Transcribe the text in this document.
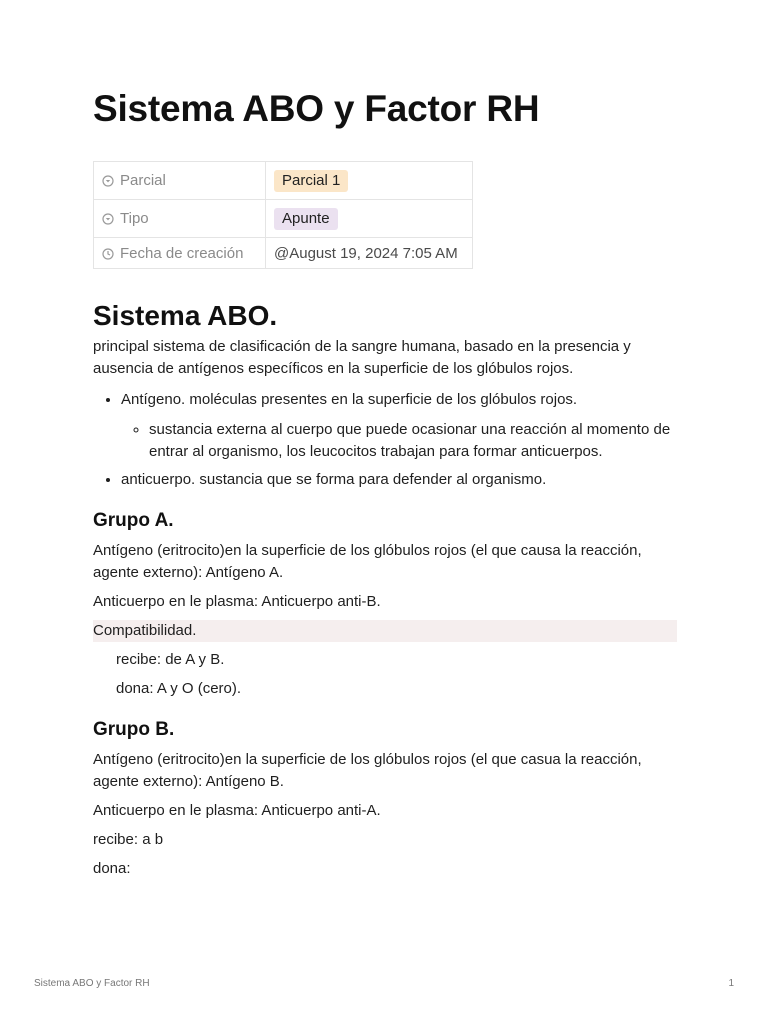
Sistema ABO y Factor RH
Parcial	Parcial 1
Tipo	Apunte
Fecha de creación	@August 19, 2024 7:05 AM
Sistema ABO.

principal sistema de clasificación de la sangre humana, basado en la presencia y ausencia de antígenos específicos en la superficie de los glóbulos rojos.

• Antígeno. moléculas presentes en la superficie de los glóbulos rojos.
◦ sustancia externa al cuerpo que puede ocasionar una reacción al momento de entrar al organismo, los leucocitos trabajan para formar anticuerpos.
• anticuerpo. sustancia que se forma para defender al organismo.
Grupo A.

Antígeno (eritrocito)en la superficie de los glóbulos rojos (el que causa la reacción, agente externo): Antígeno A.

Anticuerpo en le plasma: Anticuerpo anti-B.

Compatibilidad.

recibe: de A y B.

dona: A y O (cero).

Grupo B.

Antígeno (eritrocito)en la superficie de los glóbulos rojos (el que casua la reacción, agente externo): Antígeno B.

Anticuerpo en le plasma: Anticuerpo anti-A.

recibe: a b

dona:

Sistema ABO y Factor RH	1
